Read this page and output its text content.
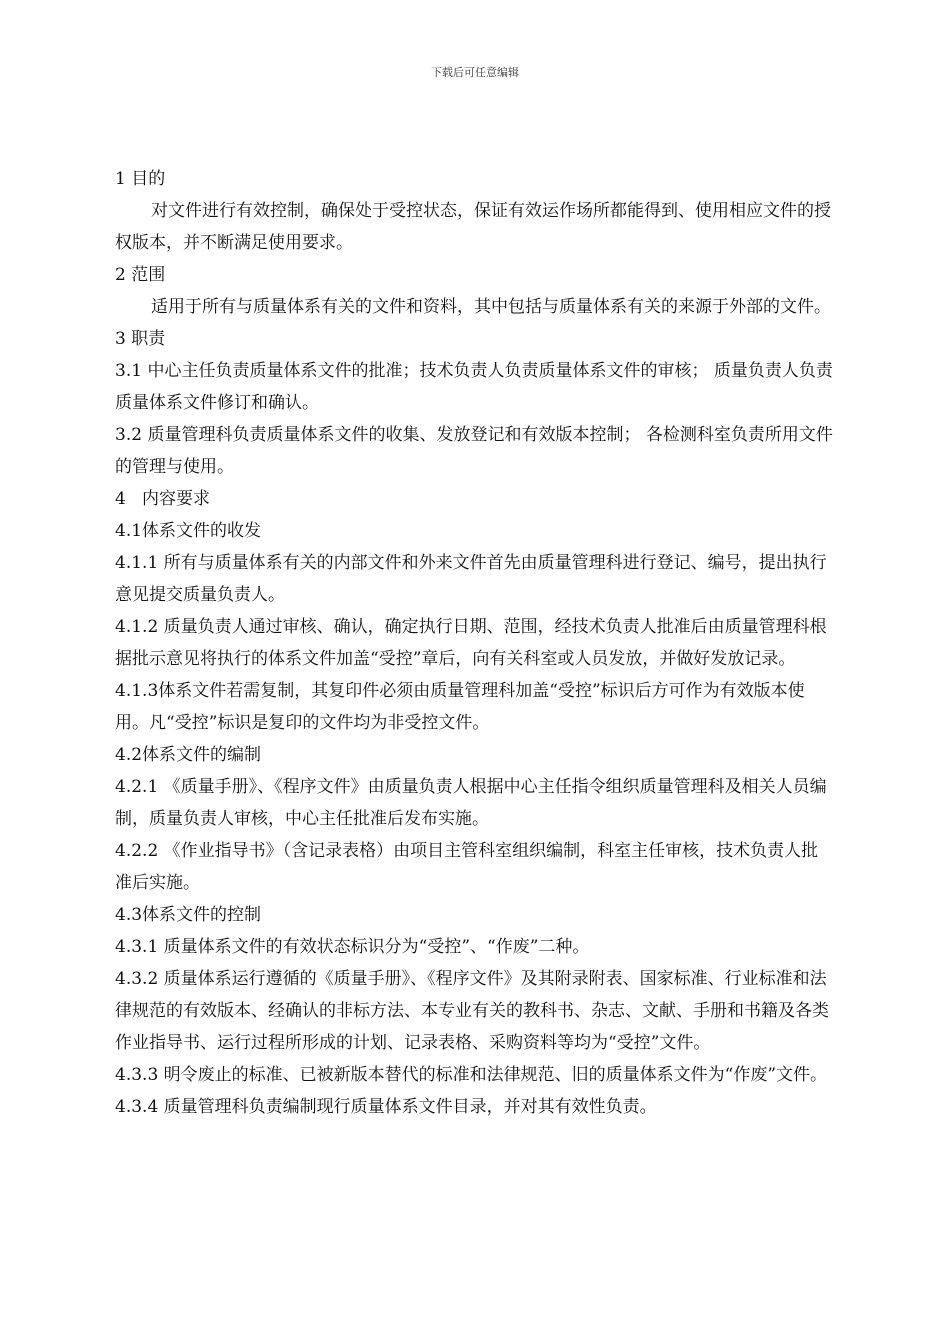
下载后可任意编辑

1 目的

对文件进行有效控制，确保处于受控状态，保证有效运作场所都能得到、使用相应文件的授权版本，并不断满足使用要求。

2 范围

适用于所有与质量体系有关的文件和资料，其中包括与质量体系有关的来源于外部的文件。

3 职责

3.1 中心主任负责质量体系文件的批准；技术负责人负责质量体系文件的审核； 质量负责人负责质量体系文件修订和确认。

3.2 质量管理科负责质量体系文件的收集、发放登记和有效版本控制； 各检测科室负责所用文件的管理与使用。

4   内容要求

4.1体系文件的收发

4.1.1 所有与质量体系有关的内部文件和外来文件首先由质量管理科进行登记、编号，提出执行意见提交质量负责人。

4.1.2 质量负责人通过审核、确认，确定执行日期、范围，经技术负责人批准后由质量管理科根据批示意见将执行的体系文件加盖“受控”章后，向有关科室或人员发放，并做好发放记录。

4.1.3体系文件若需复制，其复印件必须由质量管理科加盖“受控”标识后方可作为有效版本使用。凡“受控”标识是复印的文件均为非受控文件。

4.2体系文件的编制

4.2.1 《质量手册》、《程序文件》由质量负责人根据中心主任指令组织质量管理科及相关人员编制，质量负责人审核，中心主任批准后发布实施。

4.2.2 《作业指导书》（含记录表格）由项目主管科室组织编制，科室主任审核，技术负责人批准后实施。

4.3体系文件的控制

4.3.1 质量体系文件的有效状态标识分为“受控”、“作废”二种。

4.3.2 质量体系运行遵循的《质量手册》、《程序文件》及其附录附表、国家标准、行业标准和法律规范的有效版本、经确认的非标方法、本专业有关的教科书、杂志、文献、手册和书籍及各类作业指导书、运行过程所形成的计划、记录表格、采购资料等均为“受控”文件。

4.3.3 明令废止的标准、已被新版本替代的标准和法律规范、旧的质量体系文件为“作废”文件。

4.3.4 质量管理科负责编制现行质量体系文件目录，并对其有效性负责。
